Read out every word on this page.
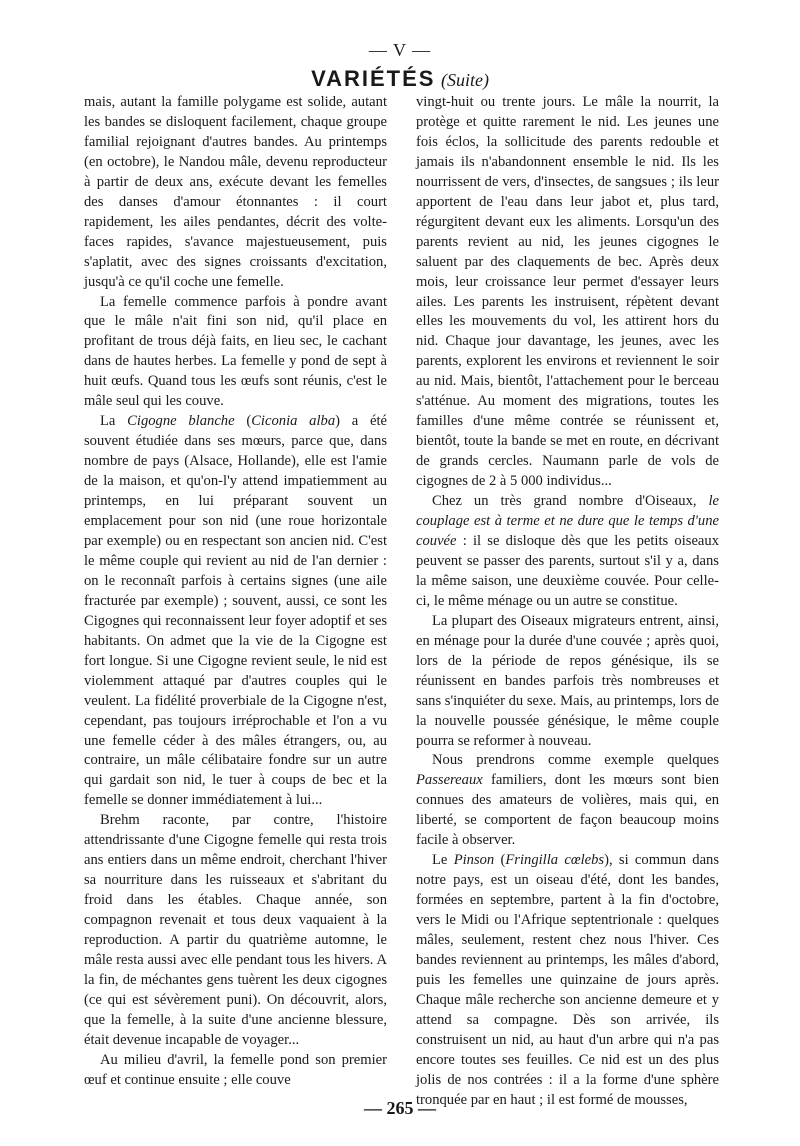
— V —
VARIÉTÉS (Suite)

mais, autant la famille polygame est solide, autant les bandes se disloquent facilement, chaque groupe familial rejoignant d'autres bandes. Au printemps (en octobre), le Nandou mâle, devenu reproducteur à partir de deux ans, exécute devant les femelles des danses d'amour étonnantes : il court rapidement, les ailes pendantes, décrit des volte-faces rapides, s'avance majestueusement, puis s'aplatit, avec des signes croissants d'excitation, jusqu'à ce qu'il coche une femelle.

La femelle commence parfois à pondre avant que le mâle n'ait fini son nid, qu'il place en profitant de trous déjà faits, en lieu sec, le cachant dans de hautes herbes. La femelle y pond de sept à huit œufs. Quand tous les œufs sont réunis, c'est le mâle seul qui les couve.

La Cigogne blanche (Ciconia alba) a été souvent étudiée dans ses mœurs, parce que, dans nombre de pays (Alsace, Hollande), elle est l'amie de la maison, et qu'on-l'y attend impatiemment au printemps, en lui préparant souvent un emplacement pour son nid (une roue horizontale par exemple) ou en respectant son ancien nid. C'est le même couple qui revient au nid de l'an dernier : on le reconnaît parfois à certains signes (une aile fracturée par exemple) ; souvent, aussi, ce sont les Cigognes qui reconnaissent leur foyer adoptif et ses habitants. On admet que la vie de la Cigogne est fort longue. Si une Cigogne revient seule, le nid est violemment attaqué par d'autres couples qui le veulent. La fidélité proverbiale de la Cigogne n'est, cependant, pas toujours irréprochable et l'on a vu une femelle céder à des mâles étrangers, ou, au contraire, un mâle célibataire fondre sur un autre qui gardait son nid, le tuer à coups de bec et la femelle se donner immédiatement à lui...

Brehm raconte, par contre, l'histoire attendrissante d'une Cigogne femelle qui resta trois ans entiers dans un même endroit, cherchant l'hiver sa nourriture dans les ruisseaux et s'abritant du froid dans les étables. Chaque année, son compagnon revenait et tous deux vaquaient à la reproduction. A partir du quatrième automne, le mâle resta aussi avec elle pendant tous les hivers. A la fin, de méchantes gens tuèrent les deux cigognes (ce qui est sévèrement puni). On découvrit, alors, que la femelle, à la suite d'une ancienne blessure, était devenue incapable de voyager...

Au milieu d'avril, la femelle pond son premier œuf et continue ensuite ; elle couve

vingt-huit ou trente jours. Le mâle la nourrit, la protège et quitte rarement le nid. Les jeunes une fois éclos, la sollicitude des parents redouble et jamais ils n'abandonnent ensemble le nid. Ils les nourrissent de vers, d'insectes, de sangsues ; ils leur apportent de l'eau dans leur jabot et, plus tard, régurgitent devant eux les aliments. Lorsqu'un des parents revient au nid, les jeunes cigognes le saluent par des claquements de bec. Après deux mois, leur croissance leur permet d'essayer leurs ailes. Les parents les instruisent, répètent devant elles les mouvements du vol, les attirent hors du nid. Chaque jour davantage, les jeunes, avec les parents, explorent les environs et reviennent le soir au nid. Mais, bientôt, l'attachement pour le berceau s'atténue. Au moment des migrations, toutes les familles d'une même contrée se réunissent et, bientôt, toute la bande se met en route, en décrivant de grands cercles. Naumann parle de vols de cigognes de 2 à 5 000 individus...

Chez un très grand nombre d'Oiseaux, le couplage est à terme et ne dure que le temps d'une couvée : il se disloque dès que les petits oiseaux peuvent se passer des parents, surtout s'il y a, dans la même saison, une deuxième couvée. Pour celle-ci, le même ménage ou un autre se constitue.

La plupart des Oiseaux migrateurs entrent, ainsi, en ménage pour la durée d'une couvée ; après quoi, lors de la période de repos génésique, ils se réunissent en bandes parfois très nombreuses et sans s'inquiéter du sexe. Mais, au printemps, lors de la nouvelle poussée génésique, le même couple pourra se reformer à nouveau.

Nous prendrons comme exemple quelques Passereaux familiers, dont les mœurs sont bien connues des amateurs de volières, mais qui, en liberté, se comportent de façon beaucoup moins facile à observer.

Le Pinson (Fringilla cœlebs), si commun dans notre pays, est un oiseau d'été, dont les bandes, formées en septembre, partent à la fin d'octobre, vers le Midi ou l'Afrique septentrionale : quelques mâles, seulement, restent chez nous l'hiver. Ces bandes reviennent au printemps, les mâles d'abord, puis les femelles une quinzaine de jours après. Chaque mâle recherche son ancienne demeure et y attend sa compagne. Dès son arrivée, ils construisent un nid, au haut d'un arbre qui n'a pas encore toutes ses feuilles. Ce nid est un des plus jolis de nos contrées : il a la forme d'une sphère tronquée par en haut ; il est formé de mousses,

— 265 —
